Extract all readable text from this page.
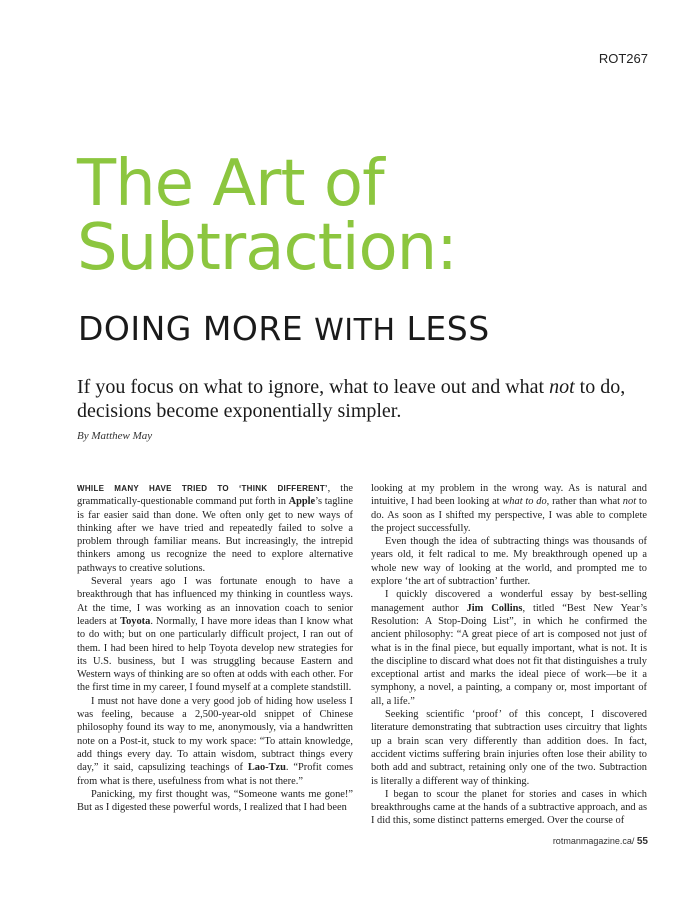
ROT267
The Art of
Subtraction:
DOING MORE WITH LESS
If you focus on what to ignore, what to leave out and what not to do, decisions become exponentially simpler.
By Matthew May

WHILE MANY HAVE TRIED TO ‘THINK DIFFERENT’, the grammatically-questionable command put forth in Apple’s tagline is far easier said than done. We often only get to new ways of thinking after we have tried and repeatedly failed to solve a problem through familiar means. But increasingly, the intrepid thinkers among us recognize the need to explore alternative pathways to creative solutions.

Several years ago I was fortunate enough to have a breakthrough that has influenced my thinking in countless ways. At the time, I was working as an innovation coach to senior leaders at Toyota. Normally, I have more ideas than I know what to do with; but on one particularly difficult project, I ran out of them. I had been hired to help Toyota develop new strategies for its U.S. business, but I was struggling because Eastern and Western ways of thinking are so often at odds with each other. For the first time in my career, I found myself at a complete standstill.

I must not have done a very good job of hiding how useless I was feeling, because a 2,500-year-old snippet of Chinese philosophy found its way to me, anonymously, via a handwritten note on a Post-it, stuck to my work space: “To attain knowledge, add things every day. To attain wisdom, subtract things every day,” it said, capsulizing teachings of Lao-Tzu. “Profit comes from what is there, usefulness from what is not there.”

Panicking, my first thought was, “Someone wants me gone!” But as I digested these powerful words, I realized that I had been

looking at my problem in the wrong way. As is natural and intuitive, I had been looking at what to do, rather than what not to do. As soon as I shifted my perspective, I was able to complete the project successfully.

Even though the idea of subtracting things was thousands of years old, it felt radical to me. My breakthrough opened up a whole new way of looking at the world, and prompted me to explore ‘the art of subtraction’ further.

I quickly discovered a wonderful essay by best-selling management author Jim Collins, titled “Best New Year’s Resolution: A Stop-Doing List”, in which he confirmed the ancient philosophy: “A great piece of art is composed not just of what is in the final piece, but equally important, what is not. It is the discipline to discard what does not fit that distinguishes a truly exceptional artist and marks the ideal piece of work—be it a symphony, a novel, a painting, a company or, most important of all, a life.”

Seeking scientific ‘proof’ of this concept, I discovered literature demonstrating that subtraction uses circuitry that lights up a brain scan very differently than addition does. In fact, accident victims suffering brain injuries often lose their ability to both add and subtract, retaining only one of the two. Subtraction is literally a different way of thinking.

I began to scour the planet for stories and cases in which breakthroughs came at the hands of a subtractive approach, and as I did this, some distinct patterns emerged. Over the course of

rotmanmagazine.ca/ 55
